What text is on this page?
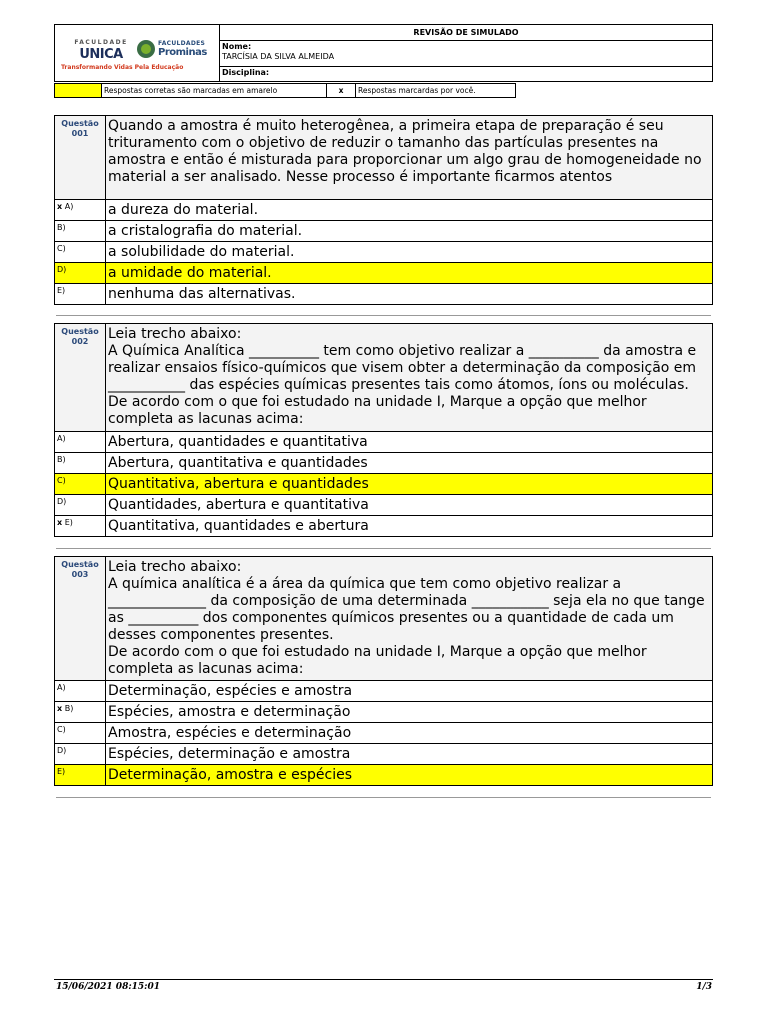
FACULDADE
UNICA
FACULDADES
Prominas
Transformando Vidas Pela Educação
REVISÃO DE SIMULADO
Nome:
TARCÍSIA DA SILVA ALMEIDA
Disciplina:
Respostas corretas são marcadas em amarelo	x	Respostas marcardas por você.
Questão
001	Quando a amostra é muito heterogênea, a primeira etapa de preparação é seu trituramento com o objetivo de reduzir o tamanho das partículas presentes na amostra e então é misturada para proporcionar um algo grau de homogeneidade no material a ser analisado. Nesse processo é importante ficarmos atentos
x A)	a dureza do material.
B)	a cristalografia do material.
C)	a solubilidade do material.
D)	a umidade do material.
E)	nenhuma das alternativas.
Questão
002	Leia trecho abaixo:
A Química Analítica __________ tem como objetivo realizar a __________ da amostra e realizar ensaios físico-químicos que visem obter a determinação da composição em ___________ das espécies químicas presentes tais como átomos, íons ou moléculas.
De acordo com o que foi estudado na unidade I, Marque a opção que melhor completa as lacunas acima:
A)	Abertura, quantidades e quantitativa
B)	Abertura, quantitativa e quantidades
C)	Quantitativa, abertura e quantidades
D)	Quantidades, abertura e quantitativa
x E)	Quantitativa, quantidades e abertura
Questão
003	Leia trecho abaixo:
A química analítica é a área da química que tem como objetivo realizar a ______________ da composição de uma determinada ___________ seja ela no que tange as __________ dos componentes químicos presentes ou a quantidade de cada um desses componentes presentes.
De acordo com o que foi estudado na unidade I, Marque a opção que melhor completa as lacunas acima:
A)	Determinação, espécies e amostra
x B)	Espécies, amostra e determinação
C)	Amostra, espécies e determinação
D)	Espécies, determinação e amostra
E)	Determinação, amostra e espécies
15/06/2021 08:15:01	1/3
